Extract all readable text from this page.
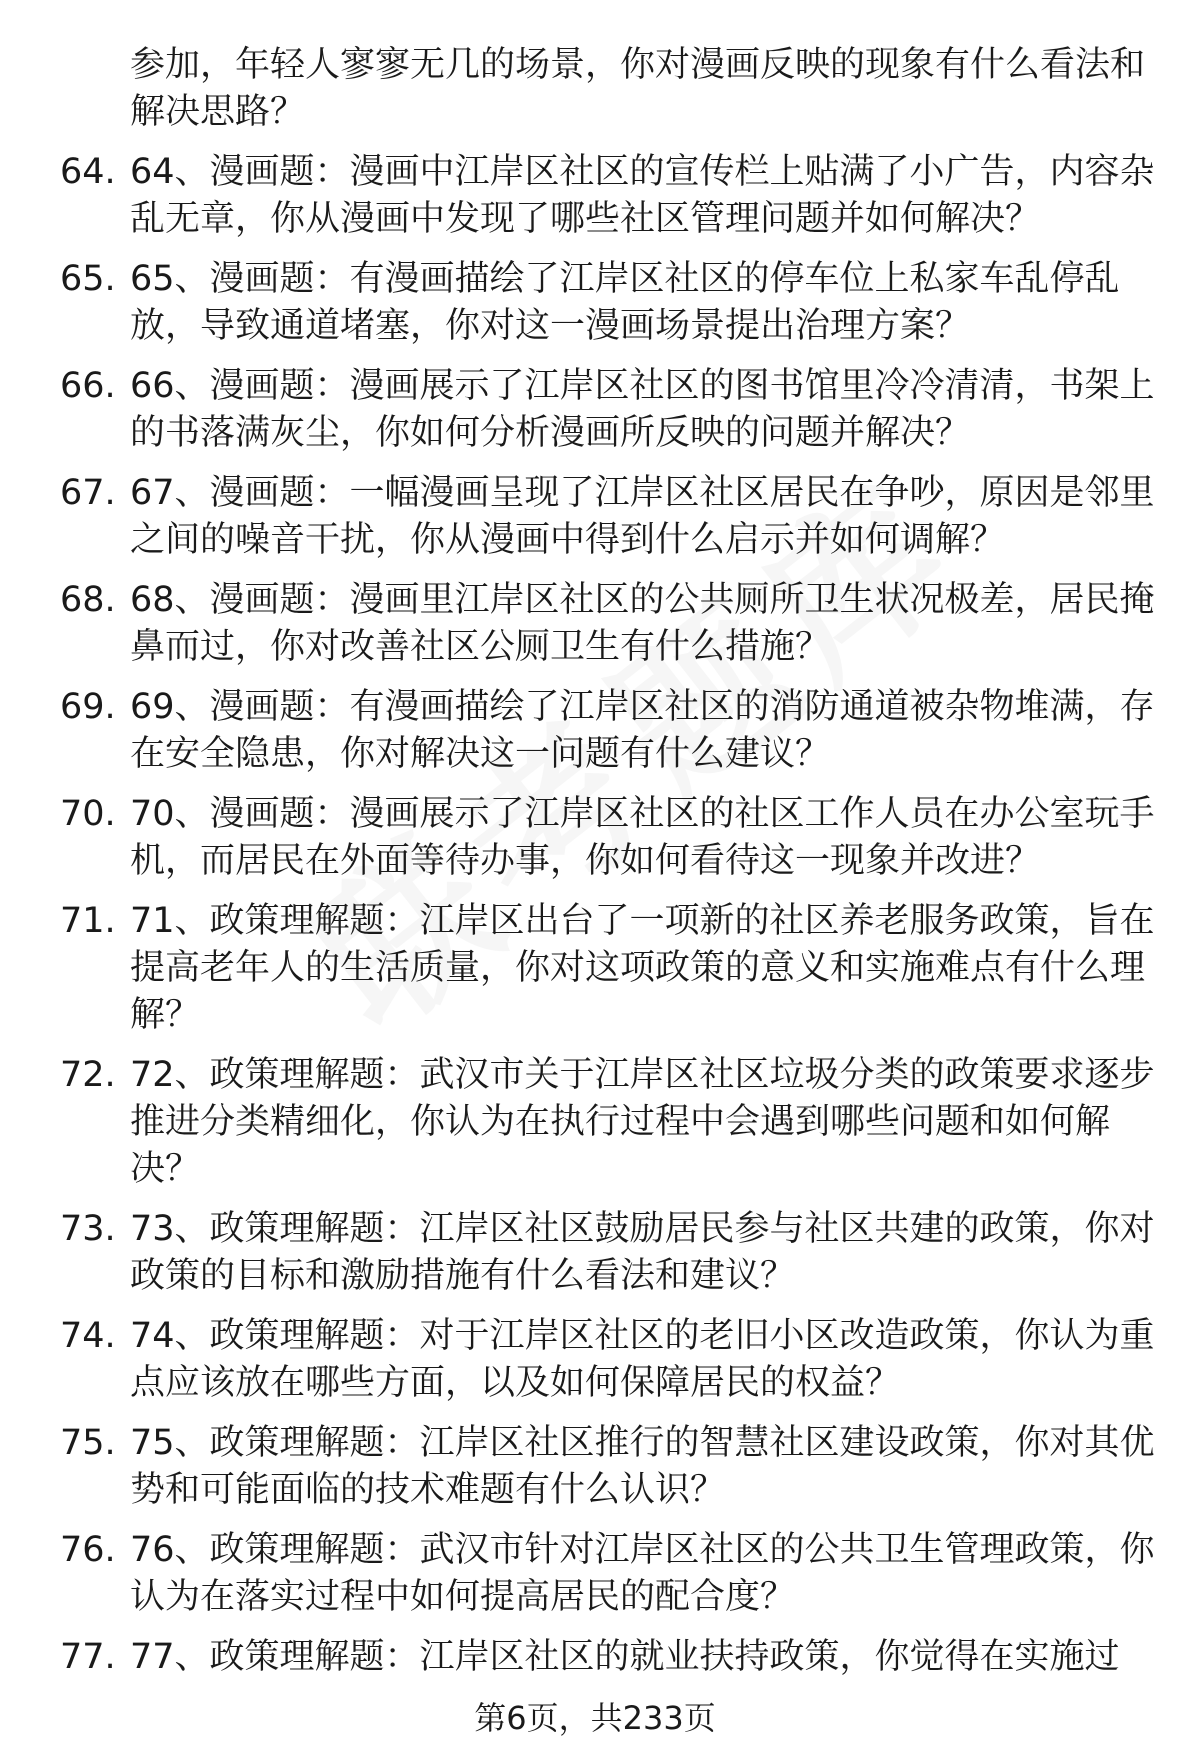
参加，年轻人寥寥无几的场景，你对漫画反映的现象有什么看法和解决思路？
64. 64、漫画题：漫画中江岸区社区的宣传栏上贴满了小广告，内容杂乱无章，你从漫画中发现了哪些社区管理问题并如何解决？
65. 65、漫画题：有漫画描绘了江岸区社区的停车位上私家车乱停乱放，导致通道堵塞，你对这一漫画场景提出治理方案？
66. 66、漫画题：漫画展示了江岸区社区的图书馆里冷冷清清，书架上的书落满灰尘，你如何分析漫画所反映的问题并解决？
67. 67、漫画题：一幅漫画呈现了江岸区社区居民在争吵，原因是邻里之间的噪音干扰，你从漫画中得到什么启示并如何调解？
68. 68、漫画题：漫画里江岸区社区的公共厕所卫生状况极差，居民掩鼻而过，你对改善社区公厕卫生有什么措施？
69. 69、漫画题：有漫画描绘了江岸区社区的消防通道被杂物堆满，存在安全隐患，你对解决这一问题有什么建议？
70. 70、漫画题：漫画展示了江岸区社区的社区工作人员在办公室玩手机，而居民在外面等待办事，你如何看待这一现象并改进？
71. 71、政策理解题：江岸区出台了一项新的社区养老服务政策，旨在提高老年人的生活质量，你对这项政策的意义和实施难点有什么理解？
72. 72、政策理解题：武汉市关于江岸区社区垃圾分类的政策要求逐步推进分类精细化，你认为在执行过程中会遇到哪些问题和如何解决？
73. 73、政策理解题：江岸区社区鼓励居民参与社区共建的政策，你对政策的目标和激励措施有什么看法和建议？
74. 74、政策理解题：对于江岸区社区的老旧小区改造政策，你认为重点应该放在哪些方面，以及如何保障居民的权益？
75. 75、政策理解题：江岸区社区推行的智慧社区建设政策，你对其优势和可能面临的技术难题有什么认识？
76. 76、政策理解题：武汉市针对江岸区社区的公共卫生管理政策，你认为在落实过程中如何提高居民的配合度？
77. 77、政策理解题：江岸区社区的就业扶持政策，你觉得在实施过
第6页，共233页
